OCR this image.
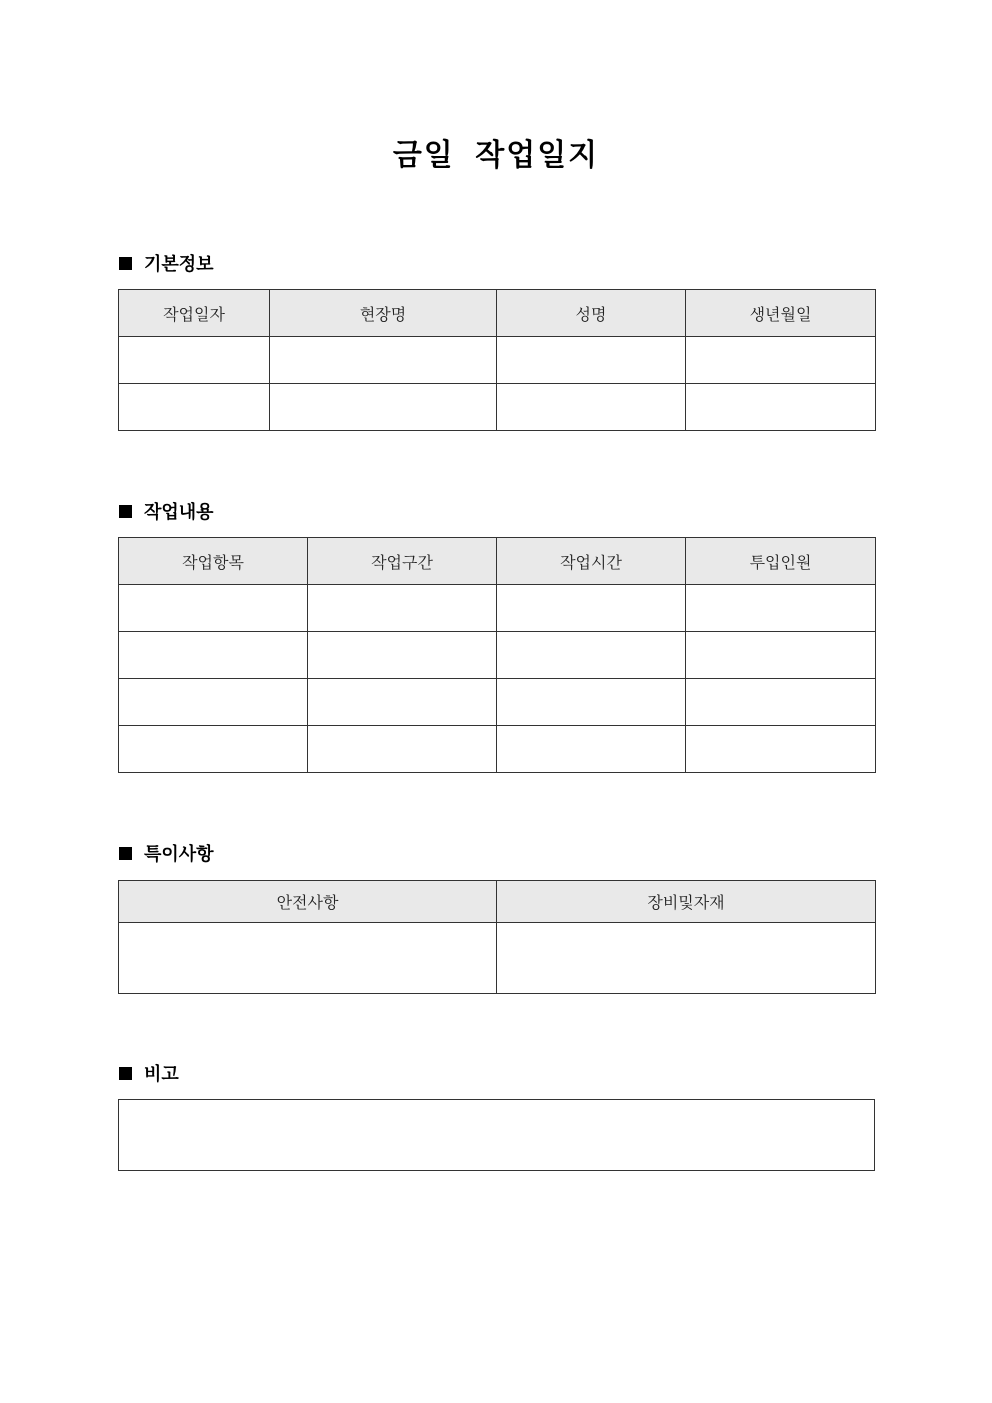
금일 작업일지
기본정보
작업일자	현장명	성명	생년월일

작업내용
작업항목	작업구간	작업시간	투입인원

특이사항
안전사항	장비및자재

비고
